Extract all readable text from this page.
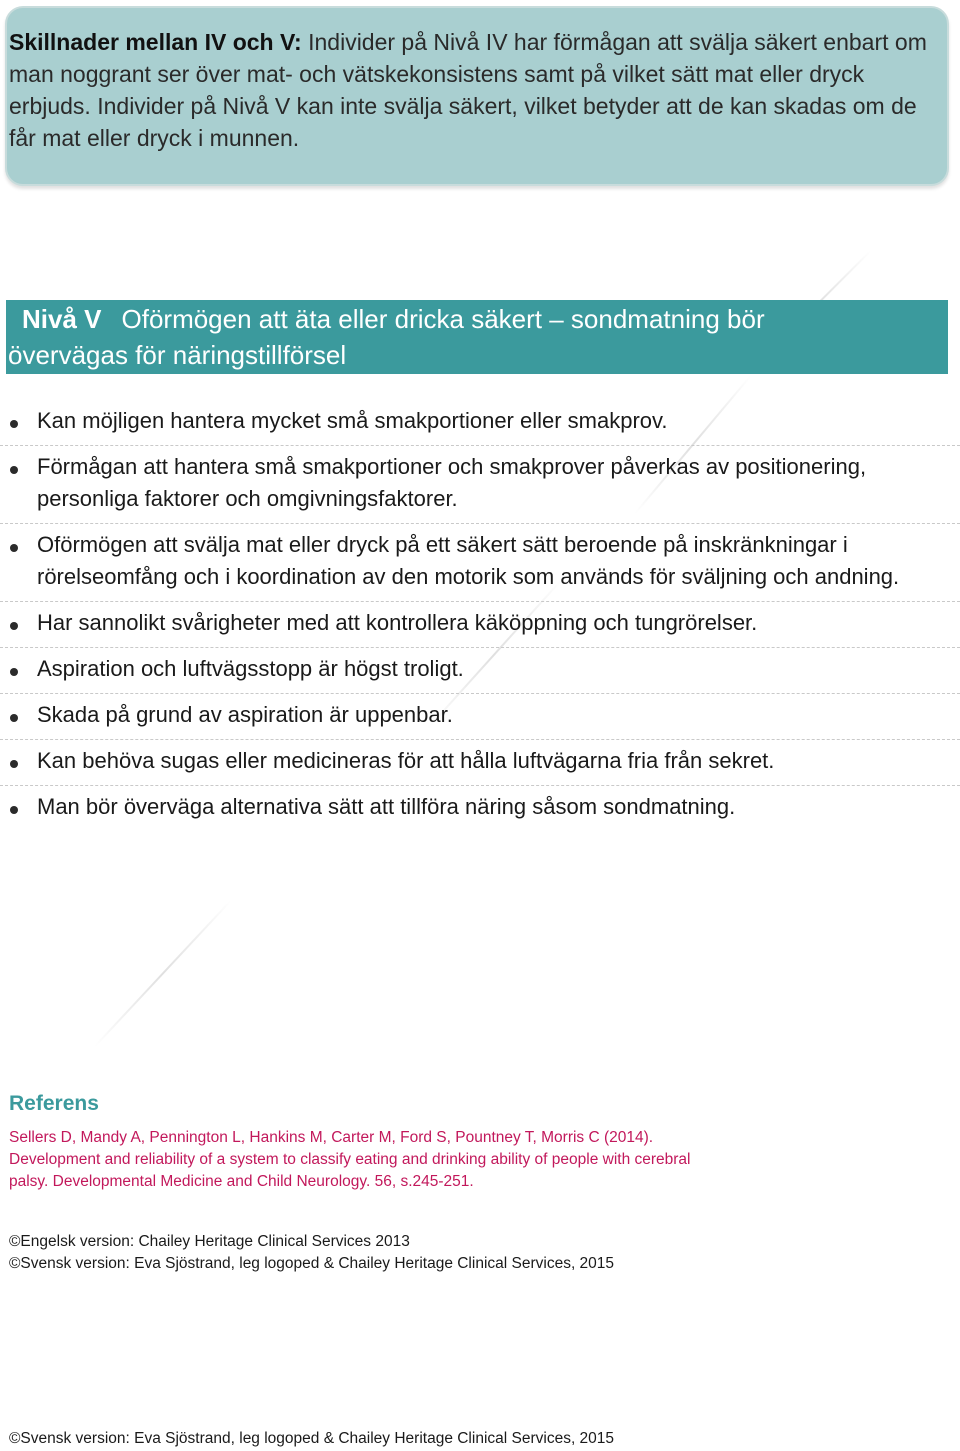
Skillnader mellan IV och V: Individer på Nivå IV har förmågan att svälja säkert enbart om man noggrant ser över mat- och vätskekonsistens samt på vilket sätt mat eller dryck erbjuds. Individer på Nivå V kan inte svälja säkert, vilket betyder att de kan skadas om de får mat eller dryck i munnen.

Nivå V Oförmögen att äta eller dricka säkert – sondmatning bör
övervägas för näringstillförsel
Kan möjligen hantera mycket små smakportioner eller smakprov.
Förmågan att hantera små smakportioner och smakprover påverkas av positionering, personliga faktorer och omgivningsfaktorer.
Oförmögen att svälja mat eller dryck på ett säkert sätt beroende på inskränkningar i rörelseomfång och i koordination av den motorik som används för sväljning och andning.
Har sannolikt svårigheter med att kontrollera käköppning och tungrörelser.
Aspiration och luftvägsstopp är högst troligt.
Skada på grund av aspiration är uppenbar.
Kan behöva sugas eller medicineras för att hålla luftvägarna fria från sekret.
Man bör överväga alternativa sätt att tillföra näring såsom sondmatning.
Referens

Sellers D, Mandy A, Pennington L, Hankins M, Carter M, Ford S, Pountney T, Morris C (2014). Development and reliability of a system to classify eating and drinking ability of people with cerebral palsy. Developmental Medicine and Child Neurology. 56, s.245-251.

©Engelsk version: Chailey Heritage Clinical Services 2013

©Svensk version: Eva Sjöstrand, leg logoped & Chailey Heritage Clinical Services, 2015

©Svensk version: Eva Sjöstrand, leg logoped & Chailey Heritage Clinical Services, 2015
